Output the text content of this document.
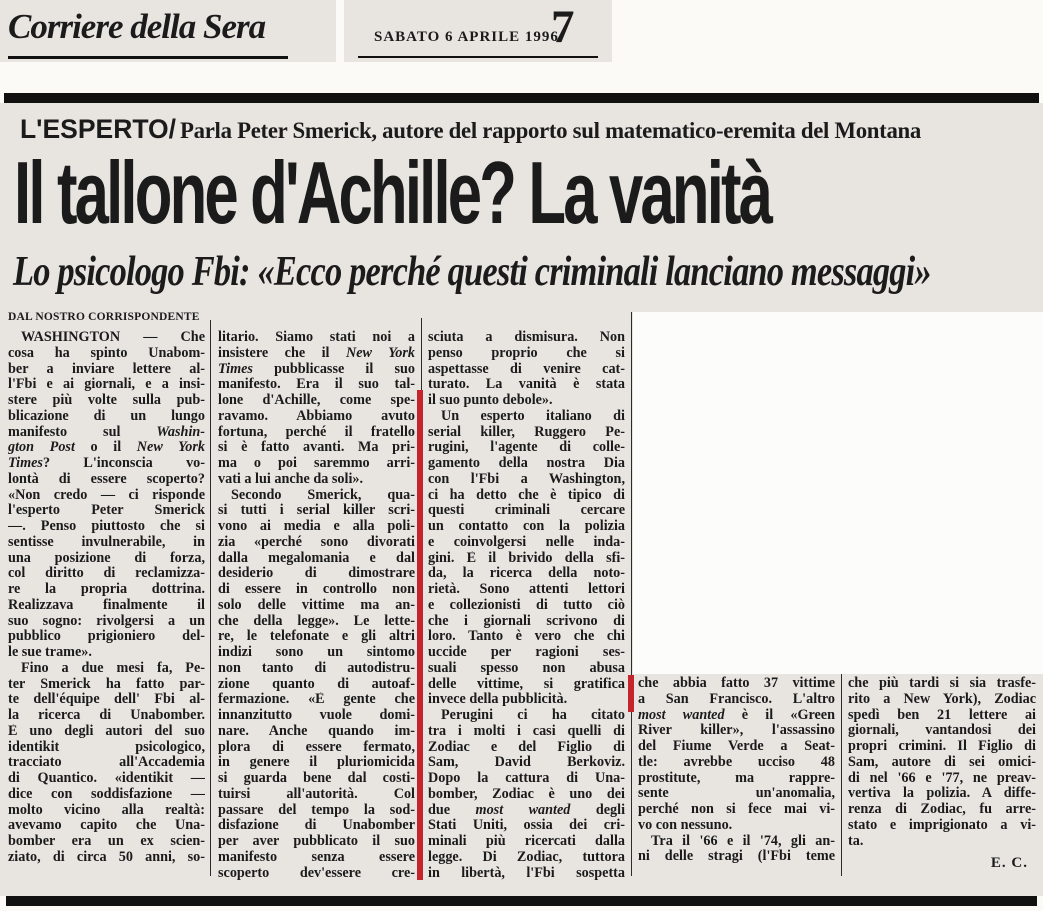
Corriere della Sera	SABATO 6 APRILE 1996
7
L'ESPERTO/ Parla Peter Smerick, autore del rapporto sul matematico-eremita del Montana
Il tallone d'Achille? La vanità
Lo psicologo Fbi: «Ecco perché questi criminali lanciano messaggi»
DAL NOSTRO CORRISPONDENTE
WASHINGTON — Che
cosa ha spinto Unabom-
ber a inviare lettere al-
l'Fbi e ai giornali, e a insi-
stere più volte sulla pub-
blicazione di un lungo
manifesto sul Washin-
gton Post o il New York
Times? L'inconscia vo-
lontà di essere scoperto?
«Non credo — ci risponde
l'esperto Peter Smerick
—. Penso piuttosto che si
sentisse invulnerabile, in
una posizione di forza,
col diritto di reclamizza-
re la propria dottrina.
Realizzava finalmente il
suo sogno: rivolgersi a un
pubblico prigioniero del-
le sue trame».
Fino a due mesi fa, Pe-
ter Smerick ha fatto par-
te dell'équipe dell' Fbi al-
la ricerca di Unabomber.
È uno degli autori del suo
identikit psicologico,
tracciato all'Accademia
di Quantico. «identikit —
dice con soddisfazione —
molto vicino alla realtà:
avevamo capito che Una-
bomber era un ex scien-
ziato, di circa 50 anni, so-
litario. Siamo stati noi a
insistere che il New York
Times pubblicasse il suo
manifesto. Era il suo tal-
lone d'Achille, come spe-
ravamo. Abbiamo avuto
fortuna, perché il fratello
si è fatto avanti. Ma pri-
ma o poi saremmo arri-
vati a lui anche da soli».
Secondo Smerick, qua-
si tutti i serial killer scri-
vono ai media e alla poli-
zia «perché sono divorati
dalla megalomania e dal
desiderio di dimostrare
di essere in controllo non
solo delle vittime ma an-
che della legge». Le lette-
re, le telefonate e gli altri
indizi sono un sintomo
non tanto di autodistru-
zione quanto di autoaf-
fermazione. «È gente che
innanzitutto vuole domi-
nare. Anche quando im-
plora di essere fermato,
in genere il pluriomicida
si guarda bene dal costi-
tuirsi all'autorità. Col
passare del tempo la sod-
disfazione di Unabomber
per aver pubblicato il suo
manifesto senza essere
scoperto dev'essere cre-
sciuta a dismisura. Non
penso proprio che si
aspettasse di venire cat-
turato. La vanità è stata
il suo punto debole».
Un esperto italiano di
serial killer, Ruggero Pe-
rugini, l'agente di colle-
gamento della nostra Dia
con l'Fbi a Washington,
ci ha detto che è tipico di
questi criminali cercare
un contatto con la polizia
e coinvolgersi nelle inda-
gini. È il brivido della sfi-
da, la ricerca della noto-
rietà. Sono attenti lettori
e collezionisti di tutto ciò
che i giornali scrivono di
loro. Tanto è vero che chi
uccide per ragioni ses-
suali spesso non abusa
delle vittime, si gratifica
invece della pubblicità.
Perugini ci ha citato
tra i molti i casi quelli di
Zodiac e del Figlio di
Sam, David Berkoviz.
Dopo la cattura di Una-
bomber, Zodiac è uno dei
due most wanted degli
Stati Uniti, ossia dei cri-
minali più ricercati dalla
legge. Di Zodiac, tuttora
in libertà, l'Fbi sospetta
che abbia fatto 37 vittime
a San Francisco. L'altro
most wanted è il «Green
River killer», l'assassino
del Fiume Verde a Seat-
tle: avrebbe ucciso 48
prostitute, ma rappre-
sente un'anomalia,
perché non si fece mai vi-
vo con nessuno.
Tra il '66 e il '74, gli an-
ni delle stragi (l'Fbi teme
che più tardi si sia trasfe-
rito a New York), Zodiac
spedì ben 21 lettere ai
giornali, vantandosi dei
propri crimini. Il Figlio di
Sam, autore di sei omici-
di nel '66 e '77, ne preav-
vertiva la polizia. A diffe-
renza di Zodiac, fu arre-
stato e imprigionato a vi-
ta.
E. C.
